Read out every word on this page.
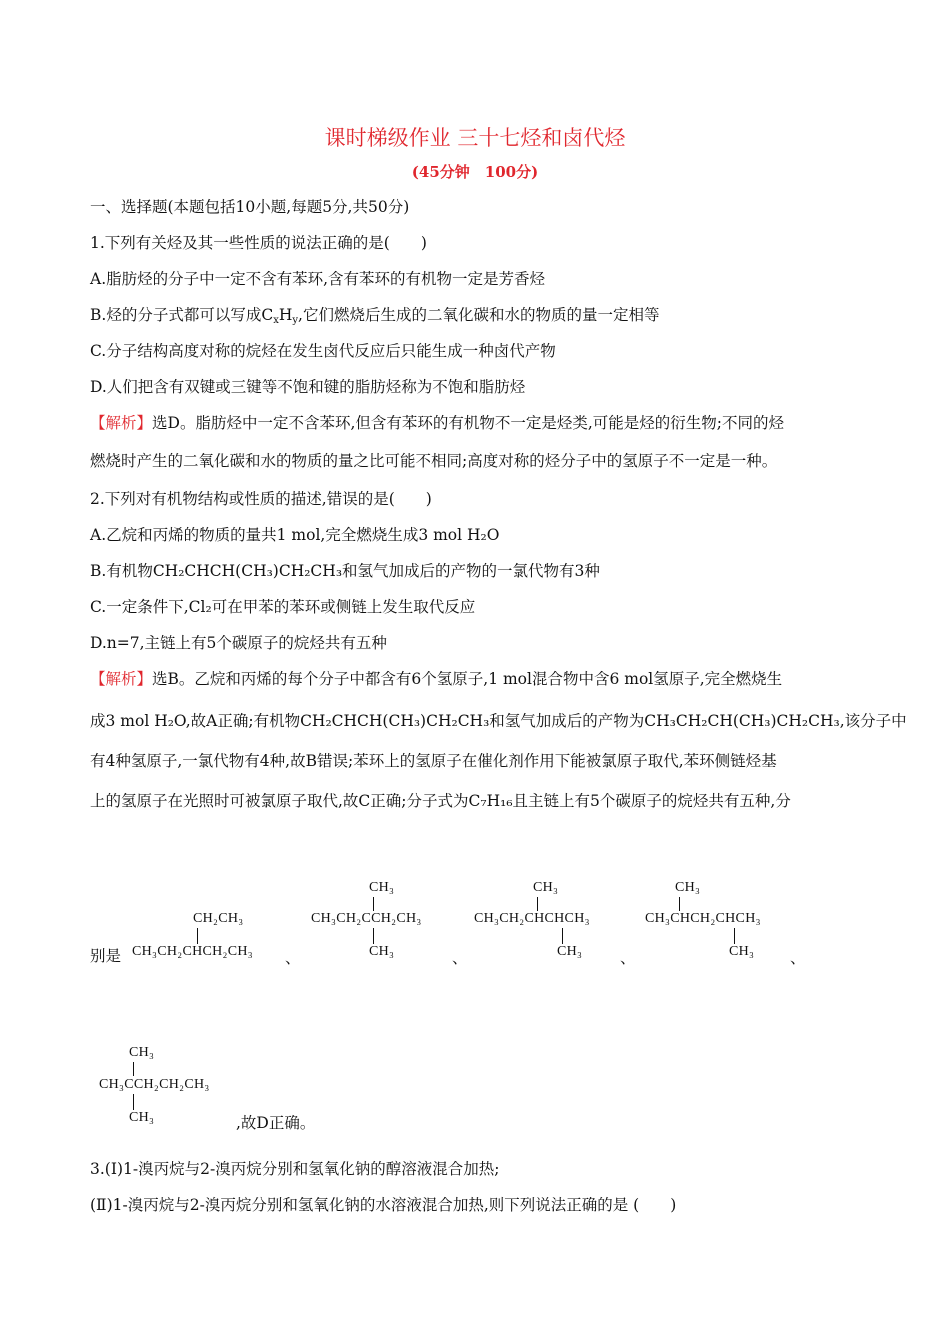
课时梯级作业 三十七烃和卤代烃
(45分钟　100分)
一、选择题(本题包括10小题,每题5分,共50分)
1.下列有关烃及其一些性质的说法正确的是(　　)
A.脂肪烃的分子中一定不含有苯环,含有苯环的有机物一定是芳香烃
B.烃的分子式都可以写成$C_xH_y$,它们燃烧后生成的二氧化碳和水的物质的量一定相等
C.分子结构高度对称的烷烃在发生卤代反应后只能生成一种卤代产物
D.人们把含有双键或三键等不饱和键的脂肪烃称为不饱和脂肪烃
【解析】选D。脂肪烃中一定不含苯环,但含有苯环的有机物不一定是烃类,可能是烃的衍生物;不同的烃
燃烧时产生的二氧化碳和水的物质的量之比可能不相同;高度对称的烃分子中的氢原子不一定是一种。
2.下列对有机物结构或性质的描述,错误的是(　　)
A.乙烷和丙烯的物质的量共1 mol,完全燃烧生成3 mol H₂O
B.有机物CH₂CHCH(CH₃)CH₂CH₃和氢气加成后的产物的一氯代物有3种
C.一定条件下,Cl₂可在甲苯的苯环或侧链上发生取代反应
D.n=7,主链上有5个碳原子的烷烃共有五种
【解析】选B。乙烷和丙烯的每个分子中都含有6个氢原子,1 mol混合物中含6 mol氢原子,完全燃烧生
成3 mol H₂O,故A正确;有机物CH₂CHCH(CH₃)CH₂CH₃和氢气加成后的产物为CH₃CH₂CH(CH₃)CH₂CH₃,该分子中
有4种氢原子,一氯代物有4种,故B错误;苯环上的氢原子在催化剂作用下能被氯原子取代,苯环侧链烃基
上的氢原子在光照时可被氯原子取代,故C正确;分子式为C₇H₁₆且主链上有5个碳原子的烷烃共有五种,分
别是
CH₂CH₃
CH₃CH₂CHCH₂CH₃ 、
CH₃
CH₃CH₂CCH₂CH₃
CH₃	、
CH₃
CH₃CH₂CHCHCH₃
CH₃ 、
CH₃
CH₃CHCH₂CHCH₃
CH₃ 、
CH₃
CH₃CCH₂CH₂CH₃
CH₃	,故D正确。
3.(Ⅰ)1-溴丙烷与2-溴丙烷分别和氢氧化钠的醇溶液混合加热;
(Ⅱ)1-溴丙烷与2-溴丙烷分别和氢氧化钠的水溶液混合加热,则下列说法正确的是 (　　)
